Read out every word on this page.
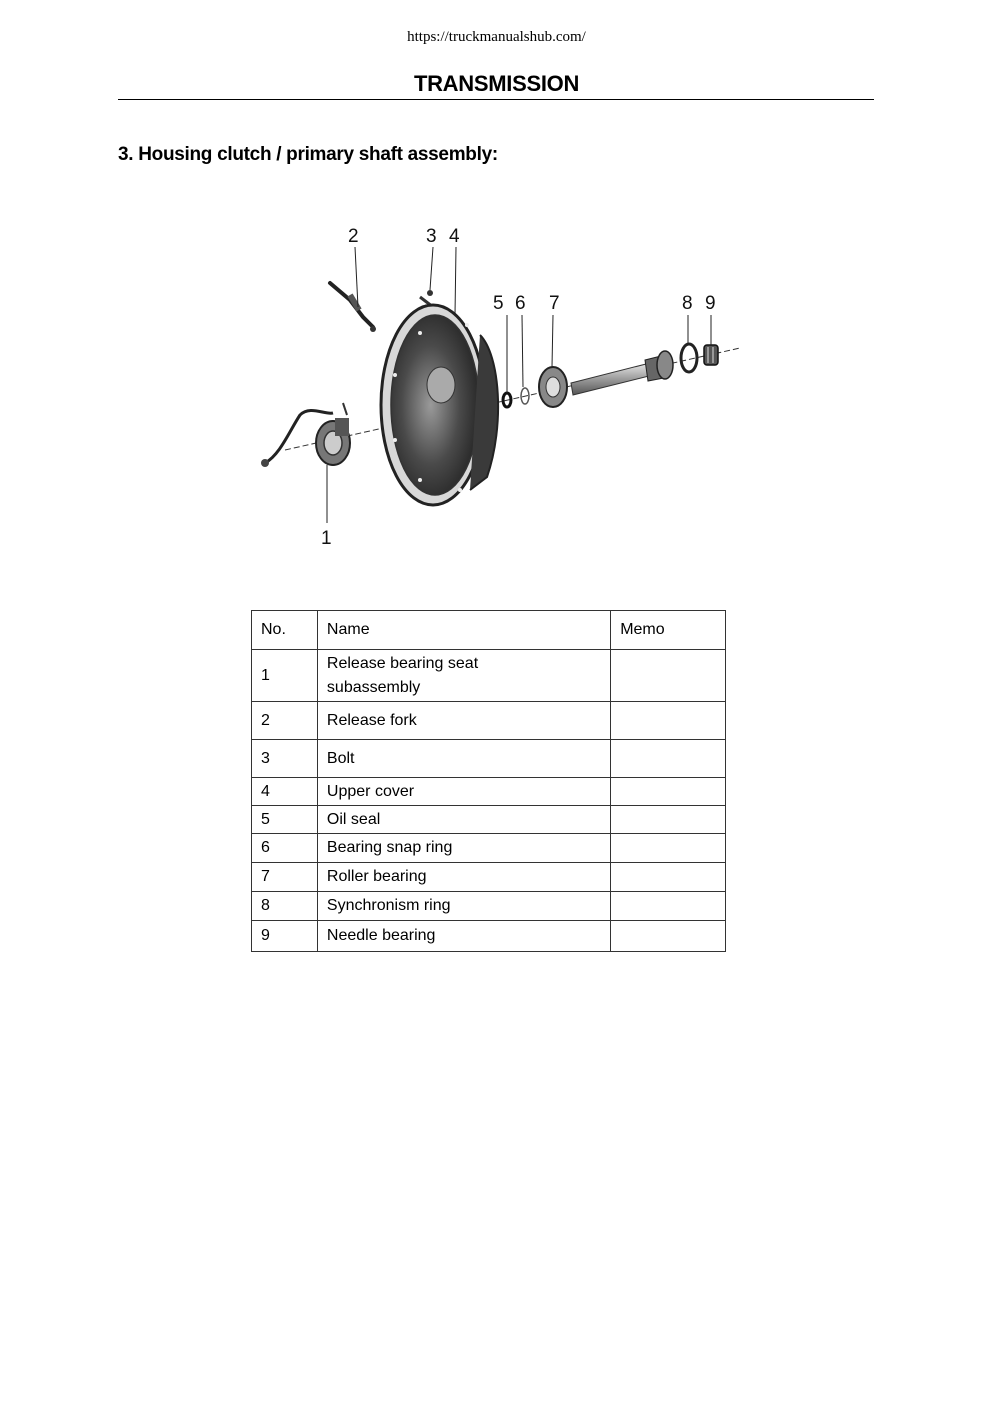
https://truckmanualshub.com/
TRANSMISSION
3. Housing clutch / primary shaft assembly:
1
2	3 4
5 6 7	8 9
No.	Name	Memo
1	Release bearing seat
subassembly	
2	Release fork	
3	Bolt	
4	Upper cover	
5	Oil seal	
6	Bearing snap ring	
7	Roller bearing	
8	Synchronism ring	
9	Needle bearing	
